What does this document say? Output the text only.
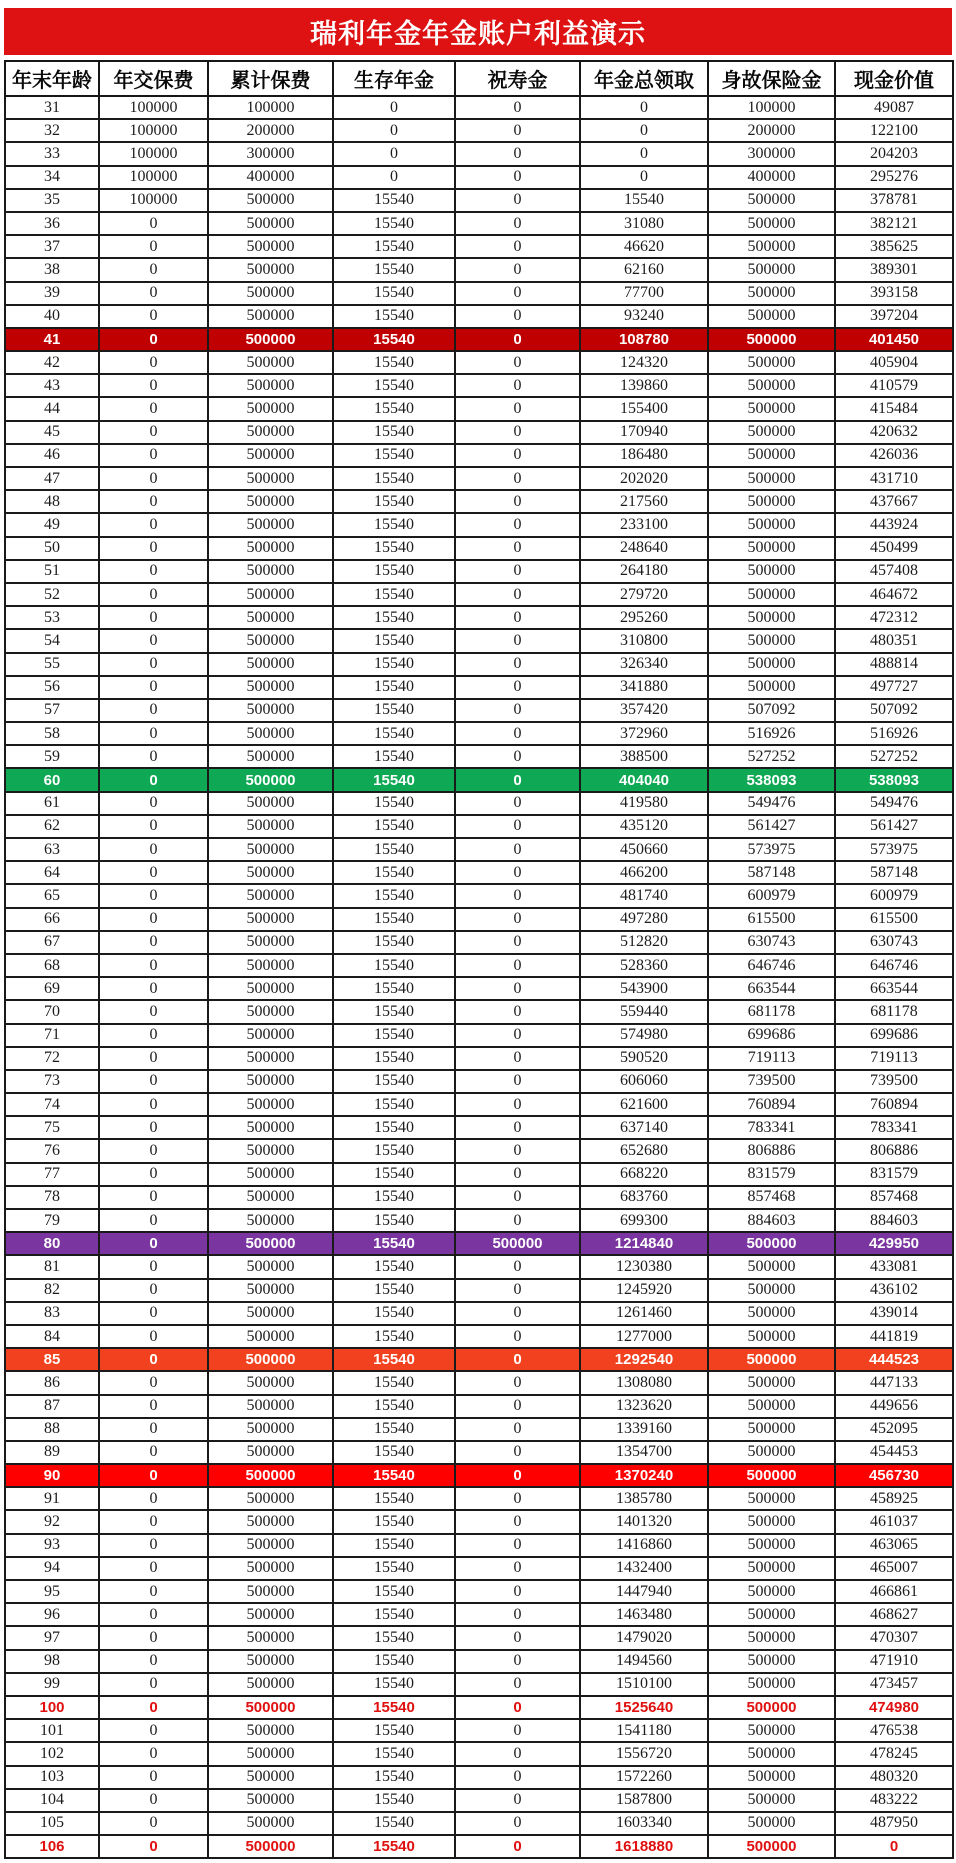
瑞利年金年金账户利益演示
年末年龄	年交保费	累计保费	生存年金	祝寿金	年金总领取	身故保险金	现金价值
31	100000	100000	0	0	0	100000	49087
32	100000	200000	0	0	0	200000	122100
33	100000	300000	0	0	0	300000	204203
34	100000	400000	0	0	0	400000	295276
35	100000	500000	15540	0	15540	500000	378781
36	0	500000	15540	0	31080	500000	382121
37	0	500000	15540	0	46620	500000	385625
38	0	500000	15540	0	62160	500000	389301
39	0	500000	15540	0	77700	500000	393158
40	0	500000	15540	0	93240	500000	397204
41	0	500000	15540	0	108780	500000	401450
42	0	500000	15540	0	124320	500000	405904
43	0	500000	15540	0	139860	500000	410579
44	0	500000	15540	0	155400	500000	415484
45	0	500000	15540	0	170940	500000	420632
46	0	500000	15540	0	186480	500000	426036
47	0	500000	15540	0	202020	500000	431710
48	0	500000	15540	0	217560	500000	437667
49	0	500000	15540	0	233100	500000	443924
50	0	500000	15540	0	248640	500000	450499
51	0	500000	15540	0	264180	500000	457408
52	0	500000	15540	0	279720	500000	464672
53	0	500000	15540	0	295260	500000	472312
54	0	500000	15540	0	310800	500000	480351
55	0	500000	15540	0	326340	500000	488814
56	0	500000	15540	0	341880	500000	497727
57	0	500000	15540	0	357420	507092	507092
58	0	500000	15540	0	372960	516926	516926
59	0	500000	15540	0	388500	527252	527252
60	0	500000	15540	0	404040	538093	538093
61	0	500000	15540	0	419580	549476	549476
62	0	500000	15540	0	435120	561427	561427
63	0	500000	15540	0	450660	573975	573975
64	0	500000	15540	0	466200	587148	587148
65	0	500000	15540	0	481740	600979	600979
66	0	500000	15540	0	497280	615500	615500
67	0	500000	15540	0	512820	630743	630743
68	0	500000	15540	0	528360	646746	646746
69	0	500000	15540	0	543900	663544	663544
70	0	500000	15540	0	559440	681178	681178
71	0	500000	15540	0	574980	699686	699686
72	0	500000	15540	0	590520	719113	719113
73	0	500000	15540	0	606060	739500	739500
74	0	500000	15540	0	621600	760894	760894
75	0	500000	15540	0	637140	783341	783341
76	0	500000	15540	0	652680	806886	806886
77	0	500000	15540	0	668220	831579	831579
78	0	500000	15540	0	683760	857468	857468
79	0	500000	15540	0	699300	884603	884603
80	0	500000	15540	500000	1214840	500000	429950
81	0	500000	15540	0	1230380	500000	433081
82	0	500000	15540	0	1245920	500000	436102
83	0	500000	15540	0	1261460	500000	439014
84	0	500000	15540	0	1277000	500000	441819
85	0	500000	15540	0	1292540	500000	444523
86	0	500000	15540	0	1308080	500000	447133
87	0	500000	15540	0	1323620	500000	449656
88	0	500000	15540	0	1339160	500000	452095
89	0	500000	15540	0	1354700	500000	454453
90	0	500000	15540	0	1370240	500000	456730
91	0	500000	15540	0	1385780	500000	458925
92	0	500000	15540	0	1401320	500000	461037
93	0	500000	15540	0	1416860	500000	463065
94	0	500000	15540	0	1432400	500000	465007
95	0	500000	15540	0	1447940	500000	466861
96	0	500000	15540	0	1463480	500000	468627
97	0	500000	15540	0	1479020	500000	470307
98	0	500000	15540	0	1494560	500000	471910
99	0	500000	15540	0	1510100	500000	473457
100	0	500000	15540	0	1525640	500000	474980
101	0	500000	15540	0	1541180	500000	476538
102	0	500000	15540	0	1556720	500000	478245
103	0	500000	15540	0	1572260	500000	480320
104	0	500000	15540	0	1587800	500000	483222
105	0	500000	15540	0	1603340	500000	487950
106	0	500000	15540	0	1618880	500000	0
